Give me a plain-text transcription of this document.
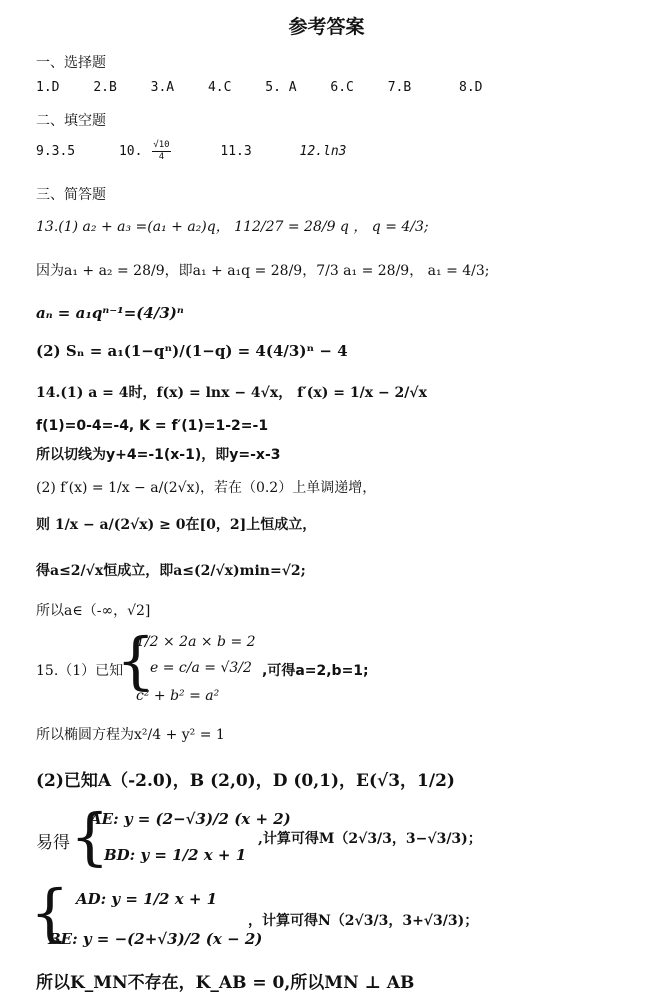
参考答案
一、选择题
1.D	2.B	3.A	4.C	5. A	6.C	7.B	8.D
二、填空题
9.3.5	10. $\frac{√10}{4}$	11.3	12.ln3
三、简答题
13.(1) a₂ + a₃ =(a₁ + a₂)q， 112/27 = 28/9 q ， q = 4/3;
因为a₁ + a₂ = 28/9，即a₁ + a₁q = 28/9，7/3 a₁ = 28/9， a₁ = 4/3;
aₙ = a₁qⁿ⁻¹=(4/3)ⁿ
(2) Sₙ = a₁(1−qⁿ)/(1−q) = 4(4/3)ⁿ − 4
14.(1) a = 4时，f(x) = lnx − 4√x， f′(x) = 1/x − 2/√x
f(1)=0-4=-4, K = f′(1)=1-2=-1
所以切线为y+4=-1(x-1)，即y=-x-3
(2) f′(x) = 1/x − a/(2√x)，若在（0.2）上单调递增，
则 1/x − a/(2√x) ≥ 0在[0，2]上恒成立，
得a≤2/√x恒成立，即a≤(2/√x)min=√2;
所以a∈（-∞，√2]
15.（1）已知
{
1/2 × 2a × b = 2
e = c/a = √3/2
c² + b² = a²
,可得a=2,b=1;
所以椭圆方程为x²/4 + y² = 1
(2)已知A（-2.0)，B (2,0)，D (0,1)，E(√3，1/2)
易得 {
AE: y = (2−√3)/2 (x + 2)
BD: y = 1/2 x + 1
,计算可得M（2√3/3，3−√3/3)；
{ AD: y = 1/2 x + 1
BE: y = −(2+√3)/2 (x − 2)
，计算可得N（2√3/3，3+√3/3)；
所以K_MN不存在，K_AB = 0,所以MN ⊥ AB
